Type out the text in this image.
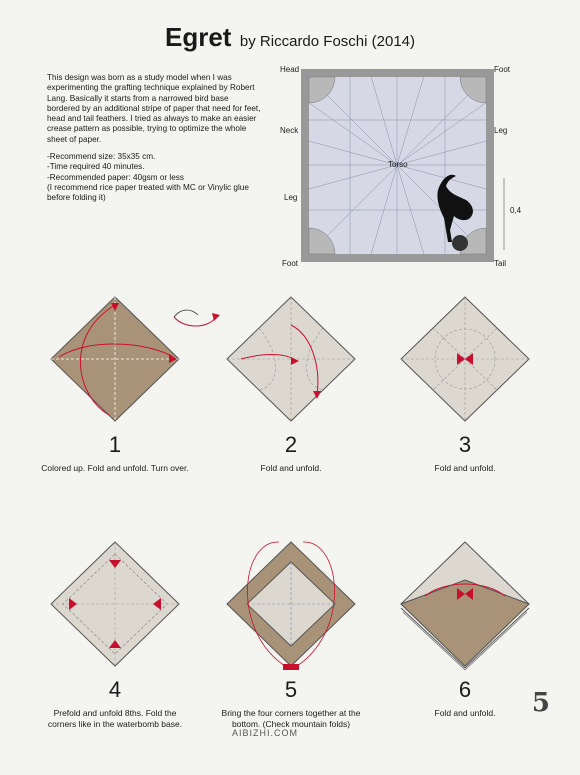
Egret by Riccardo Foschi (2014)

This design was born as a study model when I was experimenting the grafting technique explained by Robert Lang. Basically it starts from a narrowed bird base bordered by an additional stripe of paper that need for feet, head and tail feathers. I tried as always to make an easier crease pattern as possible, trying to optimize the whole sheet of paper.

-Recommend size: 35x35 cm.
-Time required 40 minutes.
-Recommended paper: 40gsm or less
(I recommend rice paper treated with MC or Vinylic glue before folding it)
Head	Foot
Neck	Leg
Torso
Leg
0,4
Foot	Tail
1
Colored up. Fold and unfold. Turn over.
2
Fold and unfold.
3
Fold and unfold.
4
Prefold and unfold 8ths. Fold the corners like in the waterbomb base.
5
Bring the four corners together at the bottom. (Check mountain folds)
6
Fold and unfold.	5
AIBIZHI.COM
